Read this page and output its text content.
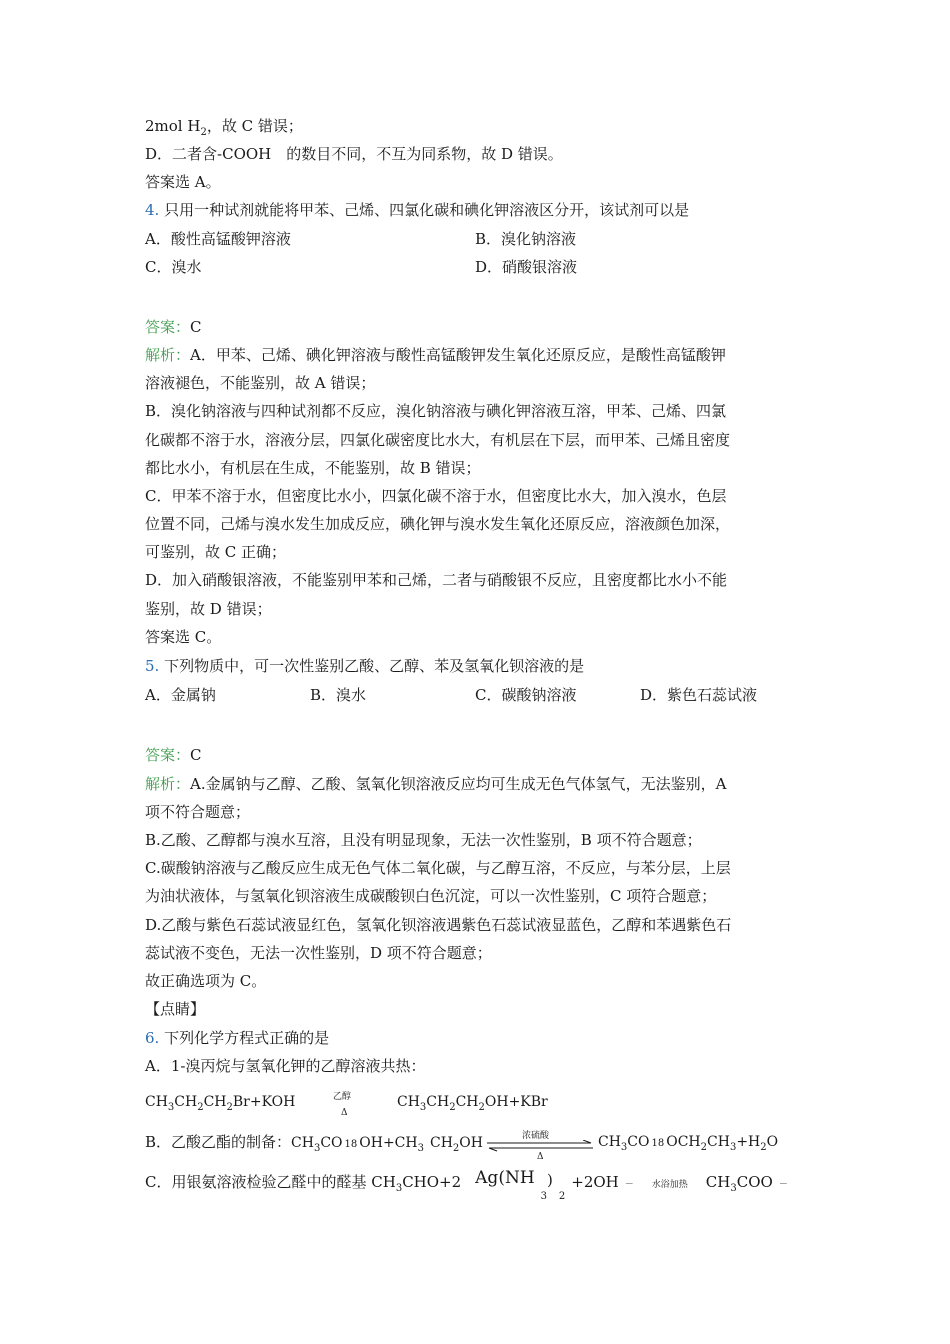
2mol $H_2$，故 C 错误；
D．二者含-COOH　的数目不同，不互为同系物，故 D 错误。
答案选 A。
4. 只用一种试剂就能将甲苯、己烯、四氯化碳和碘化钾溶液区分开，该试剂可以是
A．酸性高锰酸钾溶液	B．溴化钠溶液
C．溴水	D．硝酸银溶液
答案：C
解析：A．甲苯、己烯、碘化钾溶液与酸性高锰酸钾发生氧化还原反应，是酸性高锰酸钾
溶液褪色，不能鉴别，故 A 错误；
B．溴化钠溶液与四种试剂都不反应，溴化钠溶液与碘化钾溶液互溶，甲苯、己烯、四氯
化碳都不溶于水，溶液分层，四氯化碳密度比水大，有机层在下层，而甲苯、己烯且密度
都比水小，有机层在生成，不能鉴别，故 B 错误；
C．甲苯不溶于水，但密度比水小，四氯化碳不溶于水，但密度比水大，加入溴水，色层
位置不同，己烯与溴水发生加成反应，碘化钾与溴水发生氧化还原反应，溶液颜色加深，
可鉴别，故 C 正确；
D．加入硝酸银溶液，不能鉴别甲苯和己烯，二者与硝酸银不反应，且密度都比水小不能
鉴别，故 D 错误；
答案选 C。
5. 下列物质中，可一次性鉴别乙酸、乙醇、苯及氢氧化钡溶液的是
A．金属钠	B．溴水	C．碳酸钠溶液	D．紫色石蕊试液
答案：C
解析：A.金属钠与乙醇、乙酸、氢氧化钡溶液反应均可生成无色气体氢气，无法鉴别，A
项不符合题意；
B.乙酸、乙醇都与溴水互溶，且没有明显现象，无法一次性鉴别，B 项不符合题意；
C.碳酸钠溶液与乙酸反应生成无色气体二氧化碳，与乙醇互溶，不反应，与苯分层，上层
为油状液体，与氢氧化钡溶液生成碳酸钡白色沉淀，可以一次性鉴别，C 项符合题意；
D.乙酸与紫色石蕊试液显红色，氢氧化钡溶液遇紫色石蕊试液显蓝色，乙醇和苯遇紫色石
蕊试液不变色，无法一次性鉴别，D 项不符合题意；
故正确选项为 C。
【点睛】
6. 下列化学方程式正确的是
A．1-溴丙烷与氢氧化钾的乙醇溶液共热：
$CH_3CH_2CH_2Br+KOH$	乙醇
Δ
$CH_3CH_2CH_2OH+KBr$
B．乙酸乙酯的制备：$CH_3CO$ 18 $OH+CH_3$ $CH_2OH$	浓硫酸
Δ
$CH_3CO$ 18 $OCH_2CH_3+H_2O$
C．用银氨溶液检验乙醛中的醛基 $CH_3CHO+2$ $Ag(NH_3)_2+2OH$ － 水浴加热 $CH_3COO$ －
